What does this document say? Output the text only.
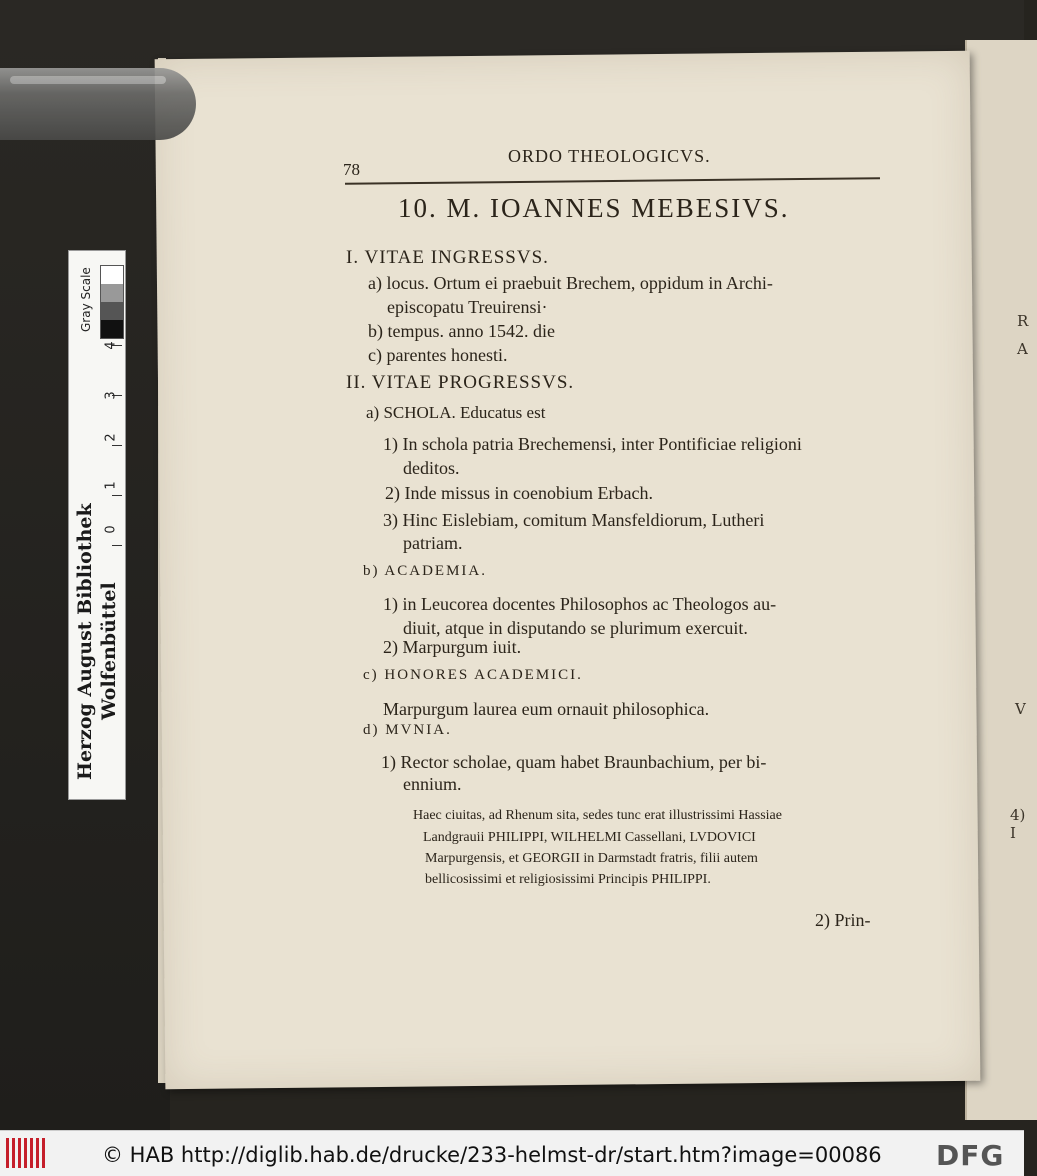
Gray Scale
4
3
2
1
0
Herzog August Bibliothek Wolfenbüttel
78
ORDO THEOLOGICVS.
10. M. IOANNES MEBESIVS.
I. VITAE INGRESSVS.
a) locus. Ortum ei praebuit Brechem, oppidum in Archi-
episcopatu Treuirensi·
b) tempus. anno 1542. die
c) parentes honesti.
II. VITAE PROGRESSVS.
a) SCHOLA. Educatus est
1) In schola patria Brechemensi, inter Pontificiae religioni
deditos.
2) Inde missus in coenobium Erbach.
3) Hinc Eislebiam, comitum Mansfeldiorum, Lutheri
patriam.
b) ACADEMIA.
1) in Leucorea docentes Philosophos ac Theologos au-
diuit, atque in disputando se plurimum exercuit.
2) Marpurgum iuit.
c) HONORES ACADEMICI.
Marpurgum laurea eum ornauit philosophica.
d) MVNIA.
1) Rector scholae, quam habet Braunbachium, per bi-
ennium.
Haec ciuitas, ad Rhenum sita, sedes tunc erat illustrissimi Hassiae
Landgrauii PHILIPPI, WILHELMI Cassellani, LVDOVICI
Marpurgensis, et GEORGII in Darmstadt fratris, filii autem
bellicosissimi et religiosissimi Principis PHILIPPI.
2) Prin-
R
A
V
4) I
© HAB http://diglib.hab.de/drucke/233-helmst-dr/start.htm?image=00086 DFG
